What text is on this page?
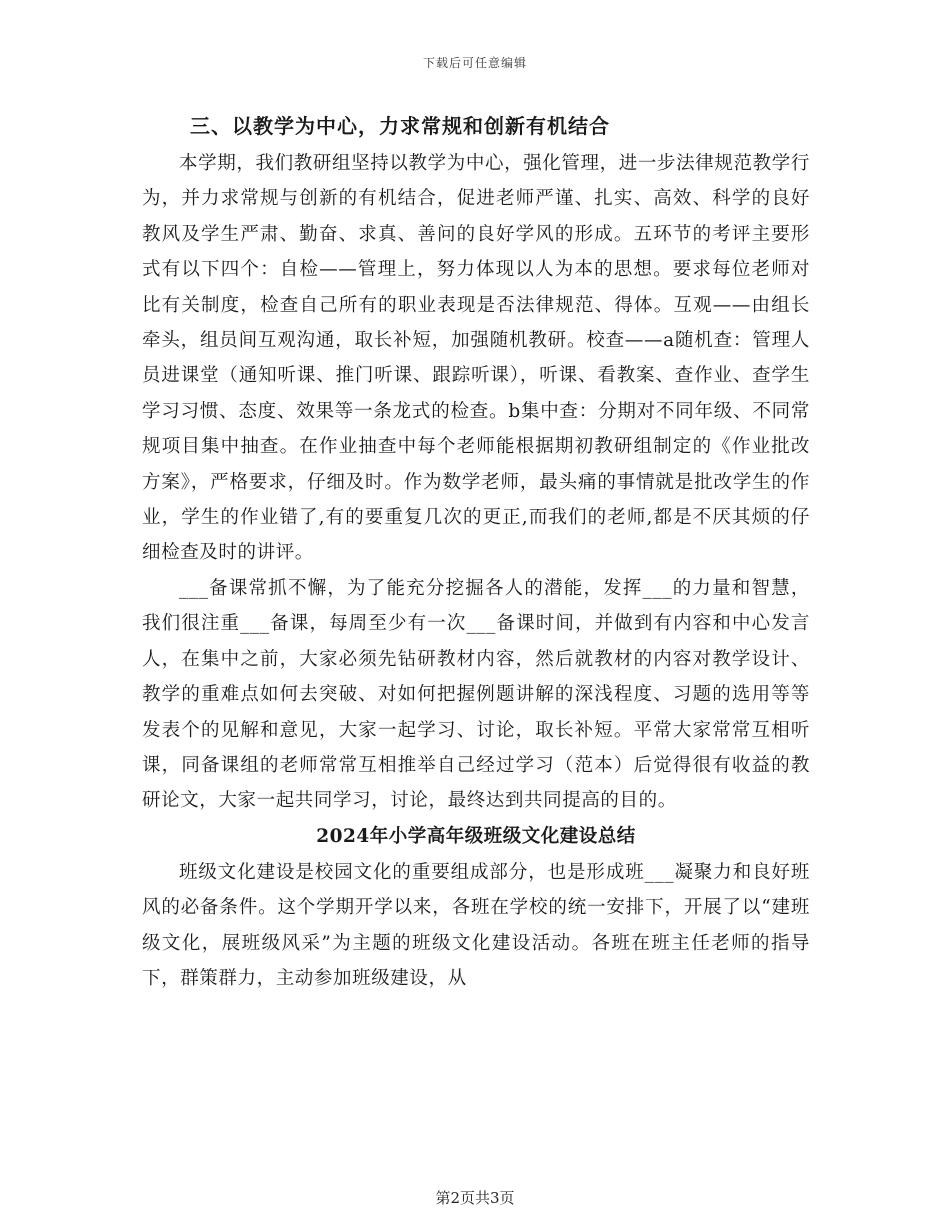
下载后可任意编辑
三、以教学为中心，力求常规和创新有机结合

本学期，我们教研组坚持以教学为中心，强化管理，进一步法律规范教学行为，并力求常规与创新的有机结合，促进老师严谨、扎实、高效、科学的良好教风及学生严肃、勤奋、求真、善问的良好学风的形成。五环节的考评主要形式有以下四个：自检——管理上，努力体现以人为本的思想。要求每位老师对比有关制度，检查自己所有的职业表现是否法律规范、得体。互观——由组长牵头，组员间互观沟通，取长补短，加强随机教研。校查——a随机查：管理人员进课堂（通知听课、推门听课、跟踪听课），听课、看教案、查作业、查学生学习习惯、态度、效果等一条龙式的检查。b集中查：分期对不同年级、不同常规项目集中抽查。在作业抽查中每个老师能根据期初教研组制定的《作业批改方案》，严格要求，仔细及时。作为数学老师，最头痛的事情就是批改学生的作业，学生的作业错了,有的要重复几次的更正,而我们的老师,都是不厌其烦的仔细检查及时的讲评。

___备课常抓不懈，为了能充分挖掘各人的潜能，发挥___的力量和智慧，我们很注重___备课，每周至少有一次___备课时间，并做到有内容和中心发言人，在集中之前，大家必须先钻研教材内容，然后就教材的内容对教学设计、教学的重难点如何去突破、对如何把握例题讲解的深浅程度、习题的选用等等发表个的见解和意见，大家一起学习、讨论，取长补短。平常大家常常互相听课，同备课组的老师常常互相推举自己经过学习（范本）后觉得很有收益的教研论文，大家一起共同学习，讨论，最终达到共同提高的目的。

2024年小学高年级班级文化建设总结

班级文化建设是校园文化的重要组成部分，也是形成班___凝聚力和良好班风的必备条件。这个学期开学以来，各班在学校的统一安排下，开展了以“建班级文化，展班级风采”为主题的班级文化建设活动。各班在班主任老师的指导下，群策群力，主动参加班级建设，从

第2页共3页
